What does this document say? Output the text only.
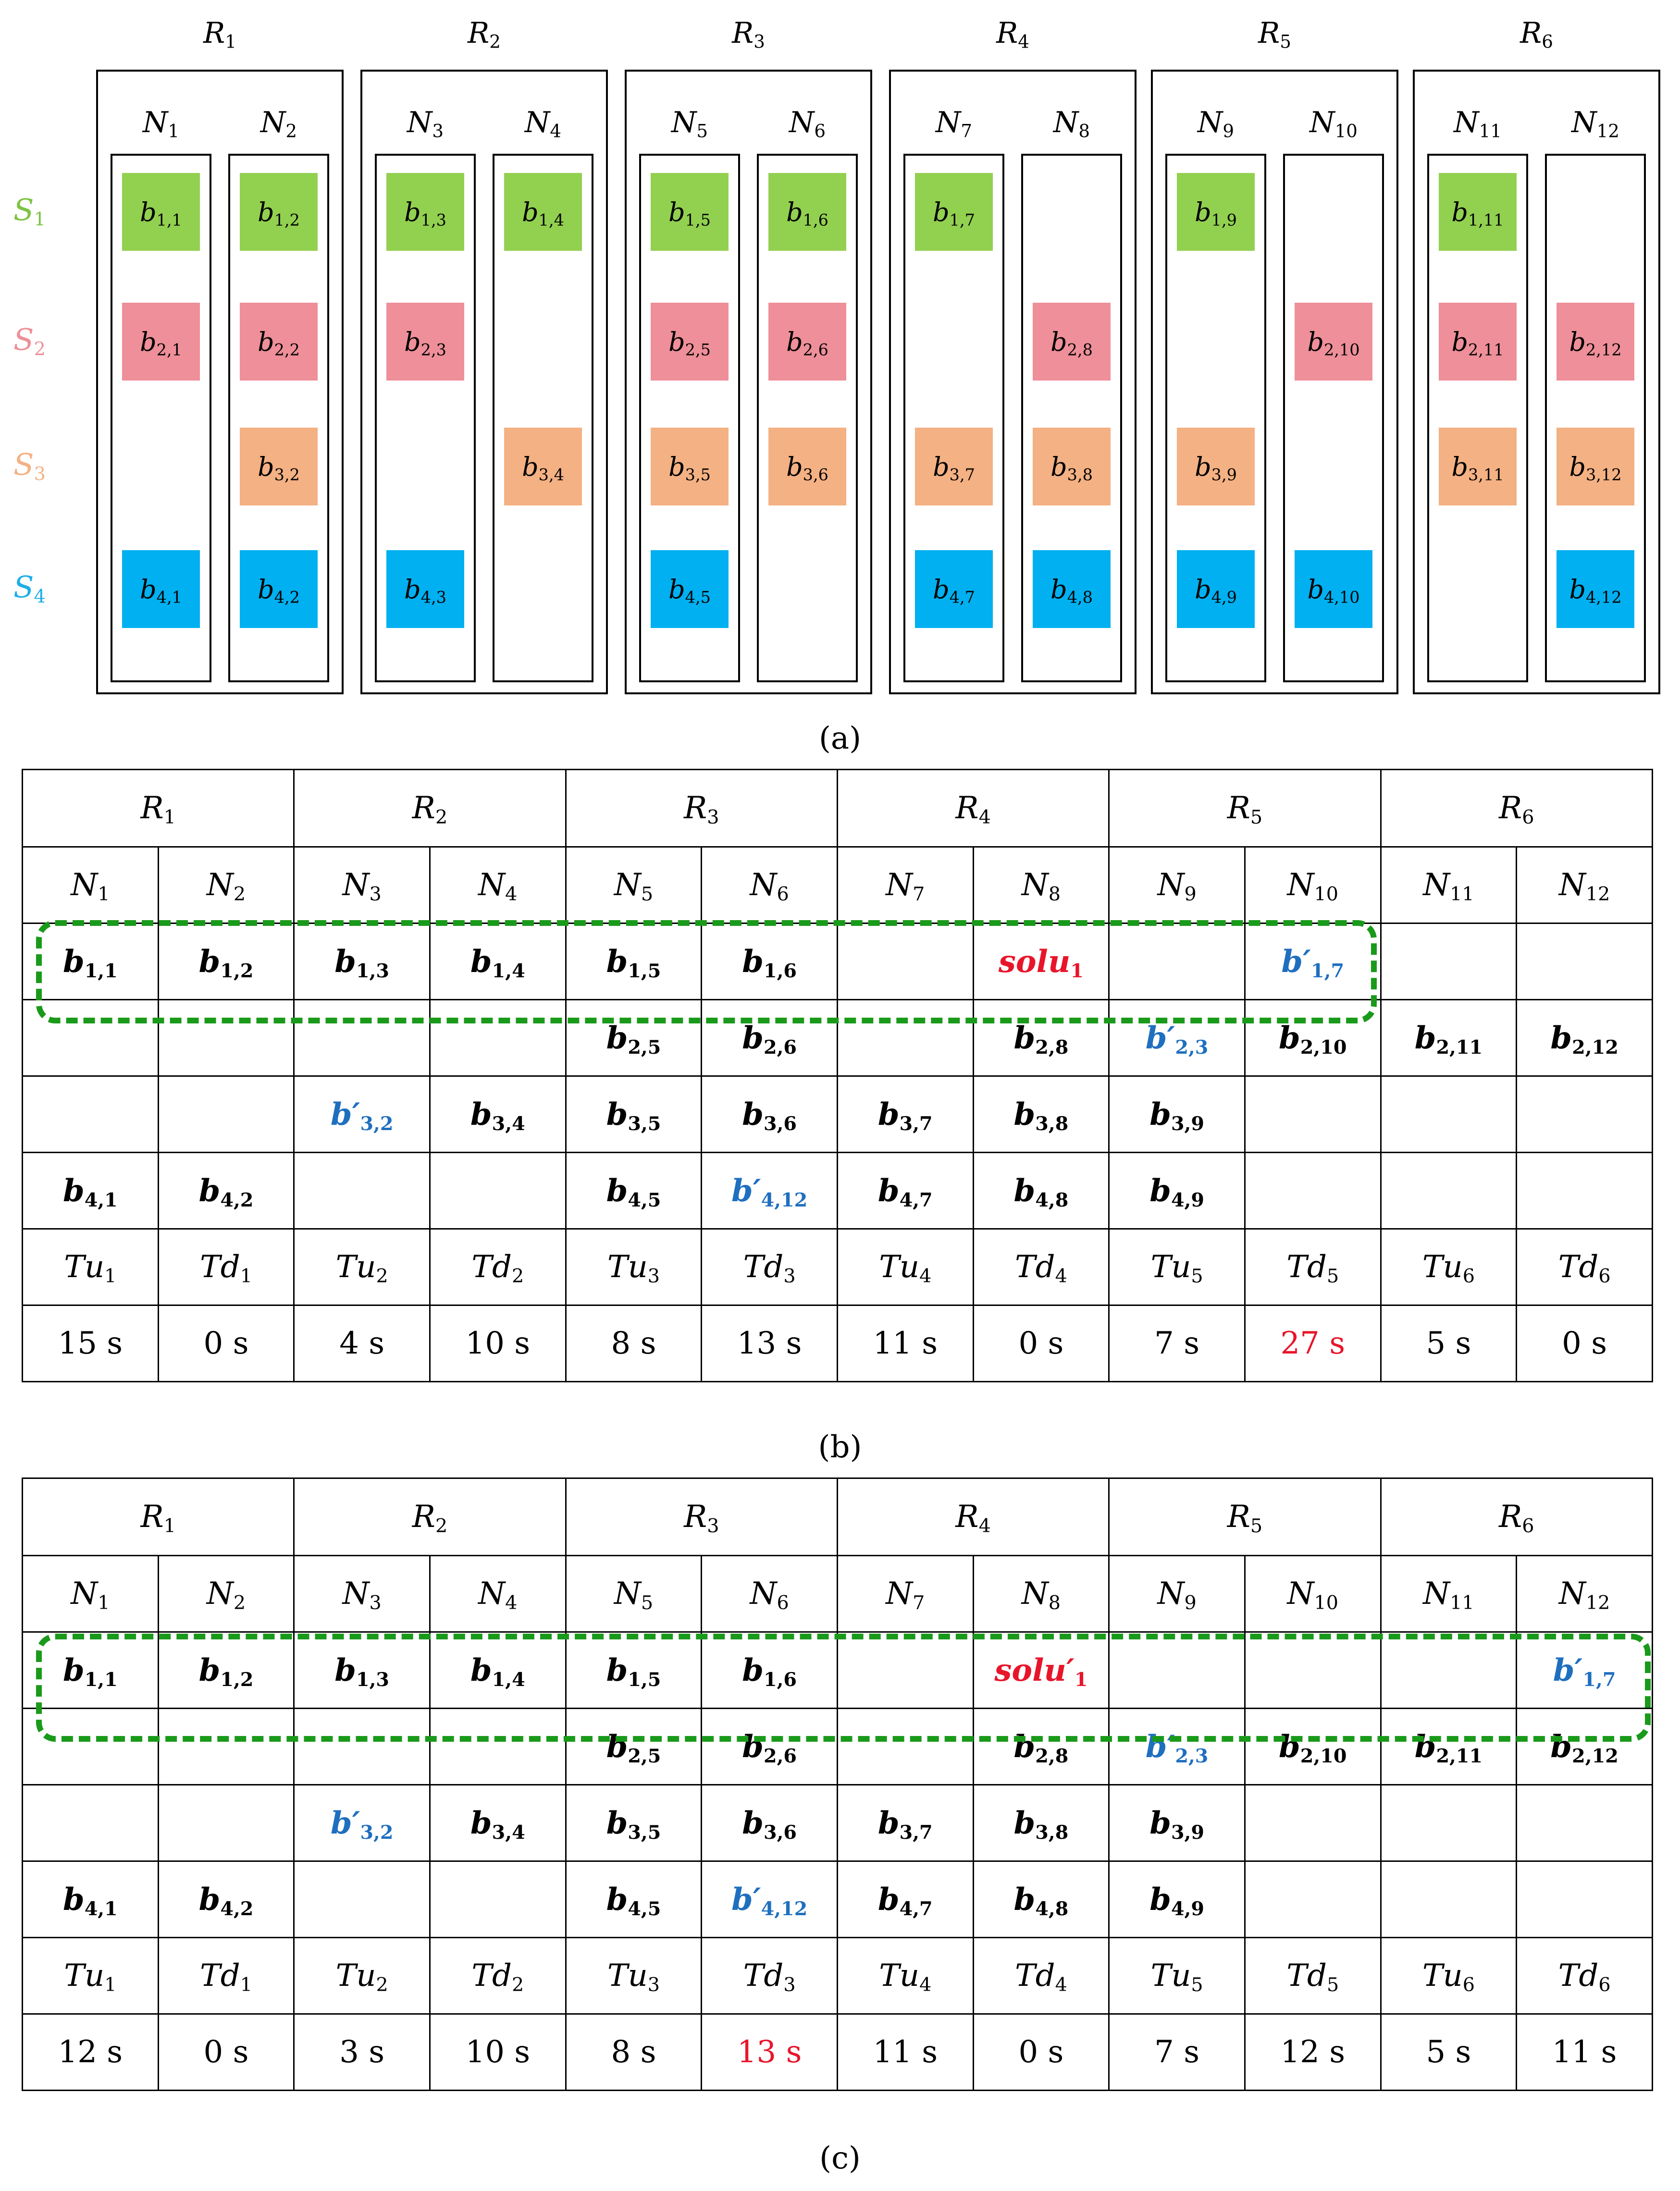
$R_1$	$R_2$	$R_3$	$R_4$	$R_5$	$R_6$
$N_1$
$b_{1,1}$
$b_{2,1}$
$b_{4,1}$
$N_2$
$b_{1,2}$
$b_{2,2}$
$b_{3,2}$
$b_{4,2}$
$N_3$
$b_{1,3}$
$b_{2,3}$
$b_{4,3}$
$N_4$
$b_{1,4}$
$b_{3,4}$
$N_5$
$b_{1,5}$
$b_{2,5}$
$b_{3,5}$
$b_{4,5}$
$N_6$
$b_{1,6}$
$b_{2,6}$
$b_{3,6}$
$N_7$
$b_{1,7}$
$b_{3,7}$
$b_{4,7}$
$N_8$
$b_{2,8}$
$b_{3,8}$
$b_{4,8}$
$N_9$
$b_{1,9}$
$b_{3,9}$
$b_{4,9}$
$N_{10}$
$b_{2,10}$
$b_{4,10}$
$N_{11}$
$b_{1,11}$
$b_{2,11}$
$b_{3,11}$
$N_{12}$
$b_{2,12}$
$b_{3,12}$
$b_{4,12}$
$S_1$
$S_2$
$S_3$
$S_4$
(a)
$R_1$		$R_2$		$R_3$		$R_4$		$R_5$		$R_6$
$N_1$	$N_2$	$N_3$	$N_4$	$N_5$	$N_6$	$N_7$	$N_8$	$N_9$	$N_{10}$	$N_{11}$	$N_{12}$
$b_{1,1}$	$b_{1,2}$	$b_{1,3}$	$b_{1,4}$	$b_{1,5}$	$b_{1,6}$		solu$_1$		$b'_{1,7}$		
				$b_{2,5}$	$b_{2,6}$		$b_{2,8}$	$b'_{2,3}$	$b_{2,10}$	$b_{2,11}$	$b_{2,12}$
		$b'_{3,2}$	$b_{3,4}$	$b_{3,5}$	$b_{3,6}$	$b_{3,7}$	$b_{3,8}$	$b_{3,9}$			
$b_{4,1}$	$b_{4,2}$			$b_{4,5}$	$b'_{4,12}$	$b_{4,7}$	$b_{4,8}$	$b_{4,9}$			
$Tu_1$	$Td_1$	$Tu_2$	$Td_2$	$Tu_3$	$Td_3$	$Tu_4$	$Td_4$	$Tu_5$	$Td_5$	$Tu_6$	$Td_6$
15 s	0 s	4 s	10 s	8 s	13 s	11 s	0 s	7 s	27 s	5 s	0 s
(b)
$R_1$		$R_2$		$R_3$		$R_4$		$R_5$		$R_6$
$N_1$	$N_2$	$N_3$	$N_4$	$N_5$	$N_6$	$N_7$	$N_8$	$N_9$	$N_{10}$	$N_{11}$	$N_{12}$
$b_{1,1}$	$b_{1,2}$	$b_{1,3}$	$b_{1,4}$	$b_{1,5}$	$b_{1,6}$		$solu'_1$				$b'_{1,7}$
				$b_{2,5}$	$b_{2,6}$		$b_{2,8}$	$b'_{2,3}$	$b_{2,10}$	$b_{2,11}$	$b_{2,12}$
		$b'_{3,2}$	$b_{3,4}$	$b_{3,5}$	$b_{3,6}$	$b_{3,7}$	$b_{3,8}$	$b_{3,9}$			
$b_{4,1}$	$b_{4,2}$			$b_{4,5}$	$b'_{4,12}$	$b_{4,7}$	$b_{4,8}$	$b_{4,9}$			
$Tu_1$	$Td_1$	$Tu_2$	$Td_2$	$Tu_3$	$Td_3$	$Tu_4$	$Td_4$	$Tu_5$	$Td_5$	$Tu_6$	$Td_6$
12 s	0 s	3 s	10 s	8 s	13 s	11 s	0 s	7 s	12 s	5 s	11 s
(c)
